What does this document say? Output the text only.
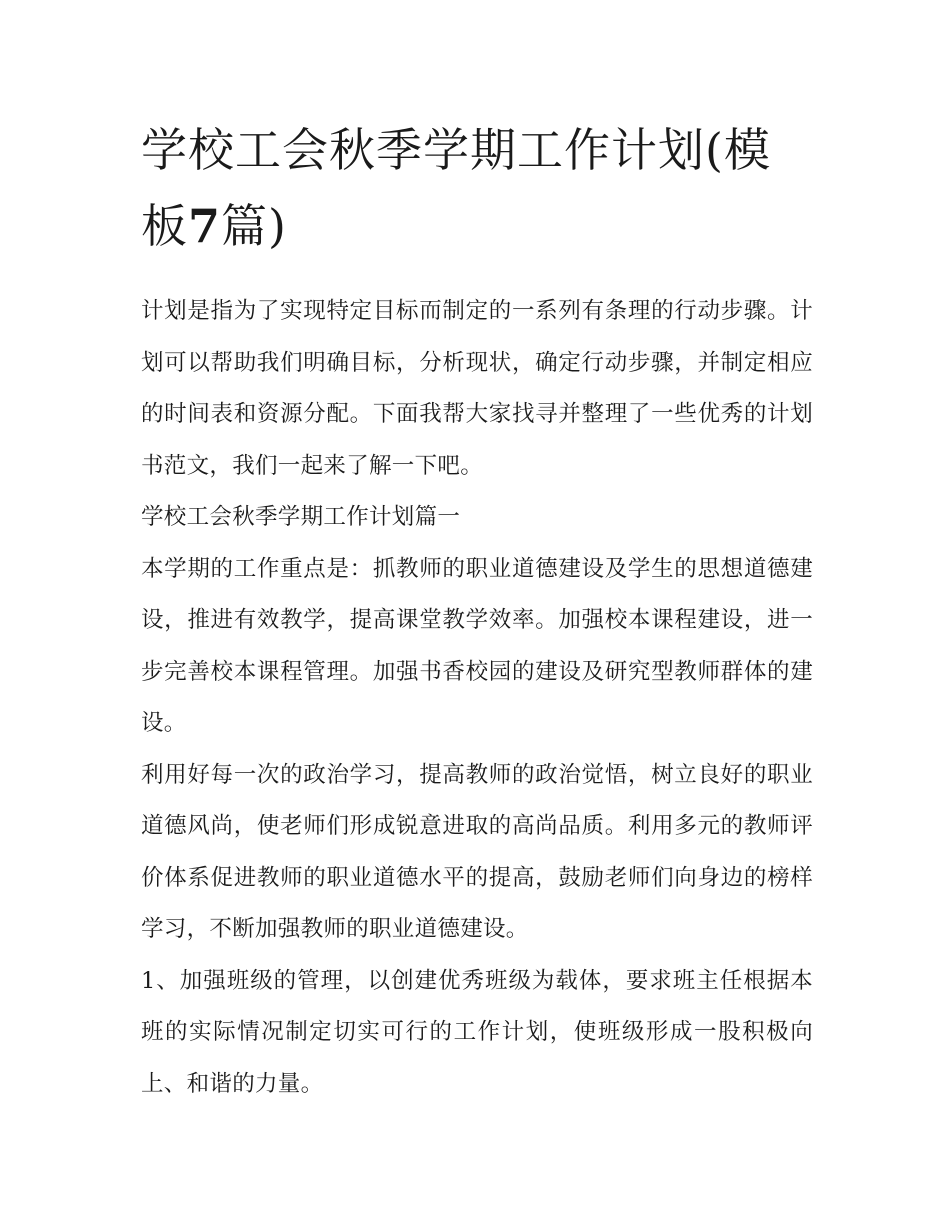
学校工会秋季学期工作计划(模板7篇)

计划是指为了实现特定目标而制定的一系列有条理的行动步骤。计划可以帮助我们明确目标，分析现状，确定行动步骤，并制定相应的时间表和资源分配。下面我帮大家找寻并整理了一些优秀的计划书范文，我们一起来了解一下吧。

学校工会秋季学期工作计划篇一

本学期的工作重点是：抓教师的职业道德建设及学生的思想道德建设，推进有效教学，提高课堂教学效率。加强校本课程建设，进一步完善校本课程管理。加强书香校园的建设及研究型教师群体的建设。

利用好每一次的政治学习，提高教师的政治觉悟，树立良好的职业道德风尚，使老师们形成锐意进取的高尚品质。利用多元的教师评价体系促进教师的职业道德水平的提高，鼓励老师们向身边的榜样学习，不断加强教师的职业道德建设。

1、加强班级的管理，以创建优秀班级为载体，要求班主任根据本班的实际情况制定切实可行的工作计划，使班级形成一股积极向上、和谐的力量。
